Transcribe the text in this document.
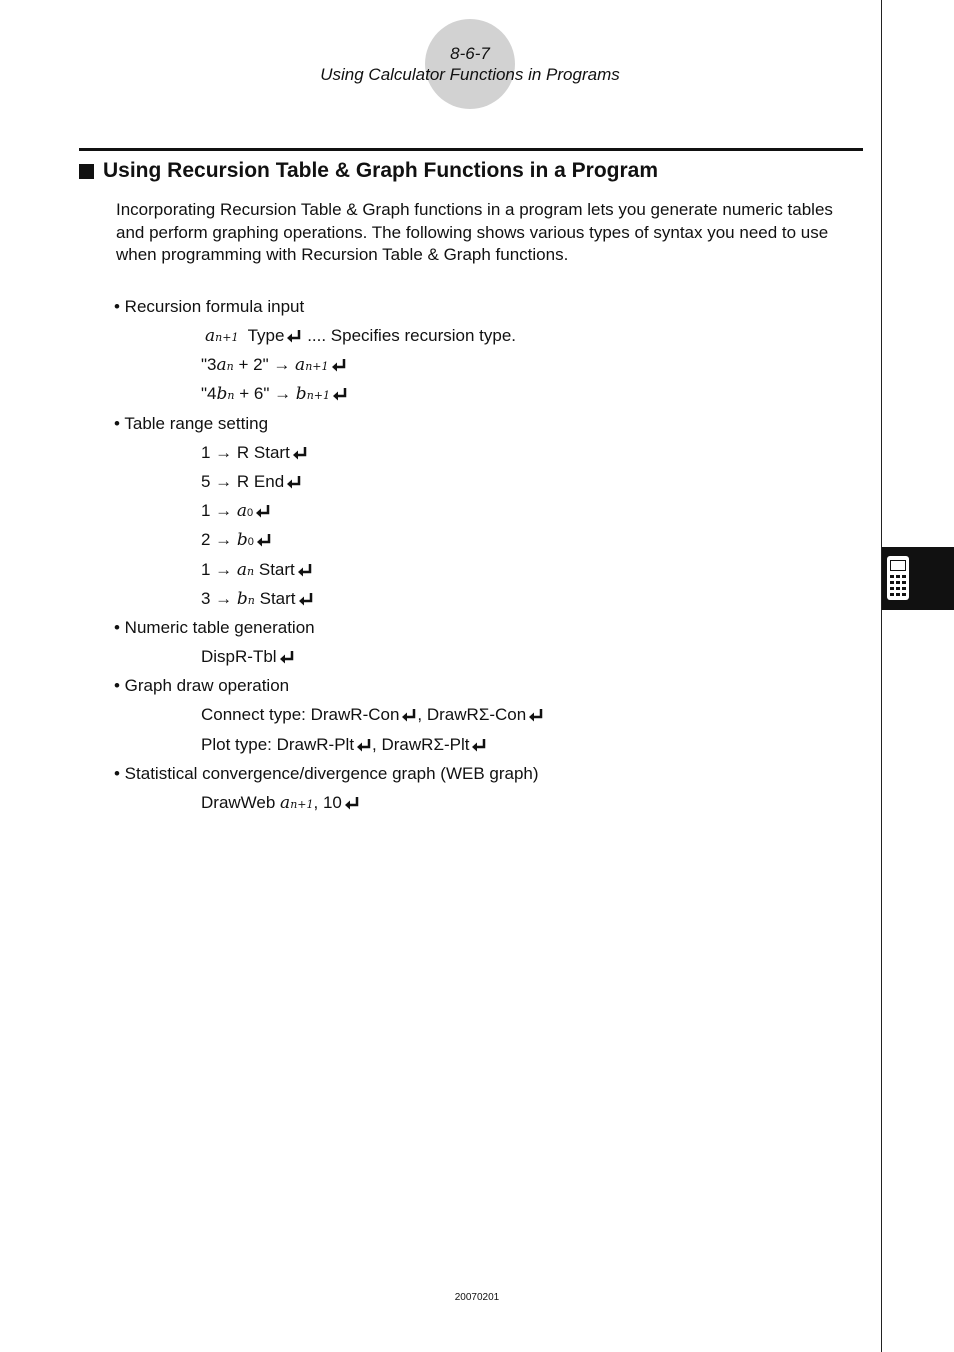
8-6-7
Using Calculator Functions in Programs
Using Recursion Table & Graph Functions in a Program
Incorporating Recursion Table & Graph functions in a program lets you generate numeric tables and perform graphing operations. The following shows various types of syntax you need to use when programming with Recursion Table & Graph functions.
• Recursion formula input
an+1 Type .... Specifies recursion type.
"3an + 2" → an+1
"4bn + 6" → bn+1
• Table range setting
1 → R Start
5 → R End
1 → a0
2 → b0
1 → an Start
3 → bn Start
• Numeric table generation
DispR-Tbl
• Graph draw operation
Connect type: DrawR-Con , DrawRΣ-Con
Plot type: DrawR-Plt , DrawRΣ-Plt
• Statistical convergence/divergence graph (WEB graph)
DrawWeb an+1, 10
20070201
